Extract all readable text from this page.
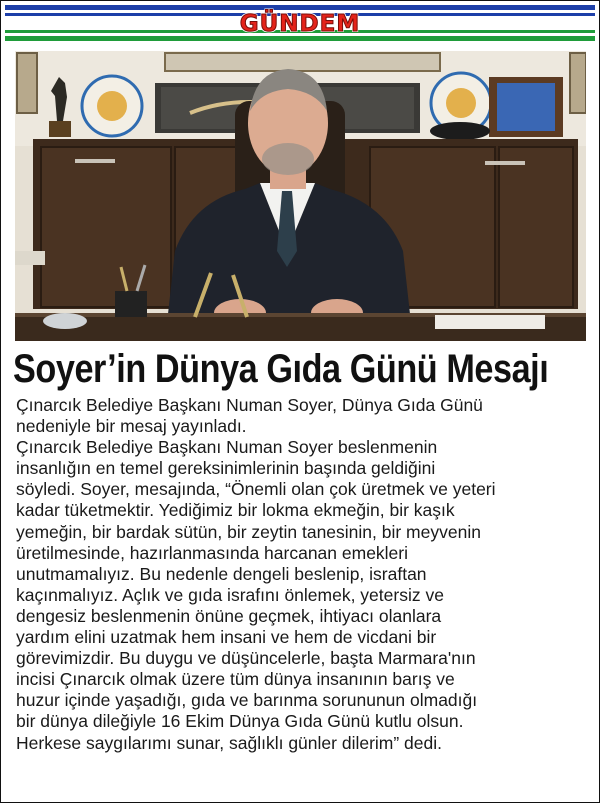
GÜNDEM
Soyer’in Dünya Gıda Günü Mesajı

Çınarcık Belediye Başkanı Numan Soyer, Dünya Gıda Günü

nedeniyle bir mesaj yayınladı.

Çınarcık Belediye Başkanı Numan Soyer beslenmenin

insanlığın en temel gereksinimlerinin başında geldiğini

söyledi. Soyer, mesajında, “Önemli olan çok üretmek ve yeteri

kadar tüketmektir. Yediğimiz bir lokma ekmeğin, bir kaşık

yemeğin, bir bardak sütün, bir zeytin tanesinin, bir meyvenin

üretilmesinde, hazırlanmasında harcanan emekleri

unutmamalıyız. Bu nedenle dengeli beslenip, israftan

kaçınmalıyız. Açlık ve gıda israfını önlemek, yetersiz ve

dengesiz beslenmenin önüne geçmek, ihtiyacı olanlara

yardım elini uzatmak hem insani ve hem de vicdani bir

görevimizdir. Bu duygu ve düşüncelerle, başta Marmara'nın

incisi Çınarcık olmak üzere tüm dünya insanının barış ve

huzur içinde yaşadığı, gıda ve barınma sorununun olmadığı

bir dünya dileğiyle 16 Ekim Dünya Gıda Günü kutlu olsun.

Herkese saygılarımı sunar, sağlıklı günler dilerim” dedi.
